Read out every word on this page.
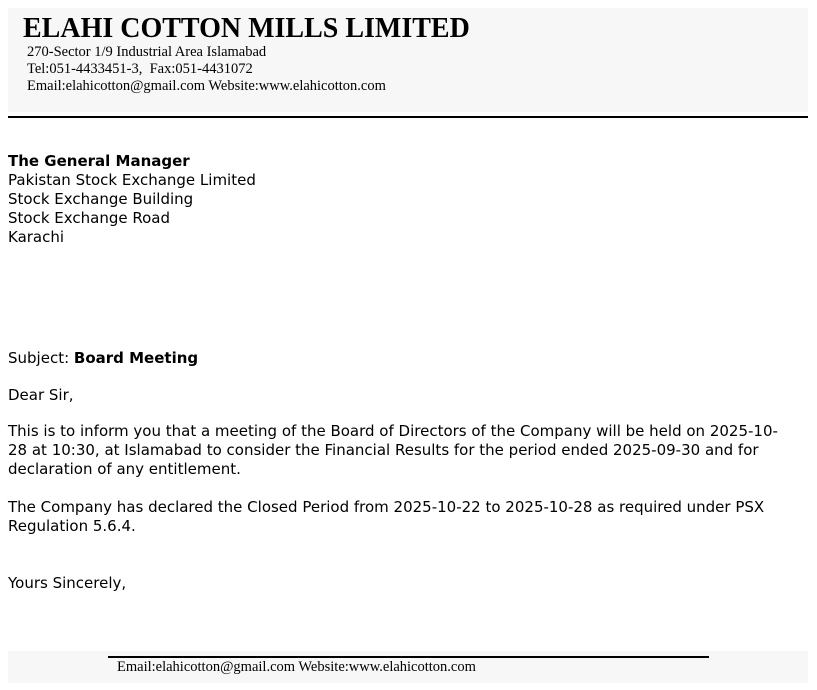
ELAHI COTTON MILLS LIMITED
270-Sector 1/9 Industrial Area Islamabad
Tel:051-4433451-3,  Fax:051-4431072
Email:elahicotton@gmail.com Website:www.elahicotton.com
The General Manager
Pakistan Stock Exchange Limited
Stock Exchange Building
Stock Exchange Road
Karachi
Subject: Board Meeting
Dear Sir,

This is to inform you that a meeting of the Board of Directors of the Company will be held on 2025-10-28 at 10:30, at Islamabad to consider the Financial Results for the period ended 2025-09-30 and for declaration of any entitlement.

The Company has declared the Closed Period from 2025-10-22 to 2025-10-28 as required under PSX Regulation 5.6.4.

Yours Sincerely,
Email:elahicotton@gmail.com Website:www.elahicotton.com
